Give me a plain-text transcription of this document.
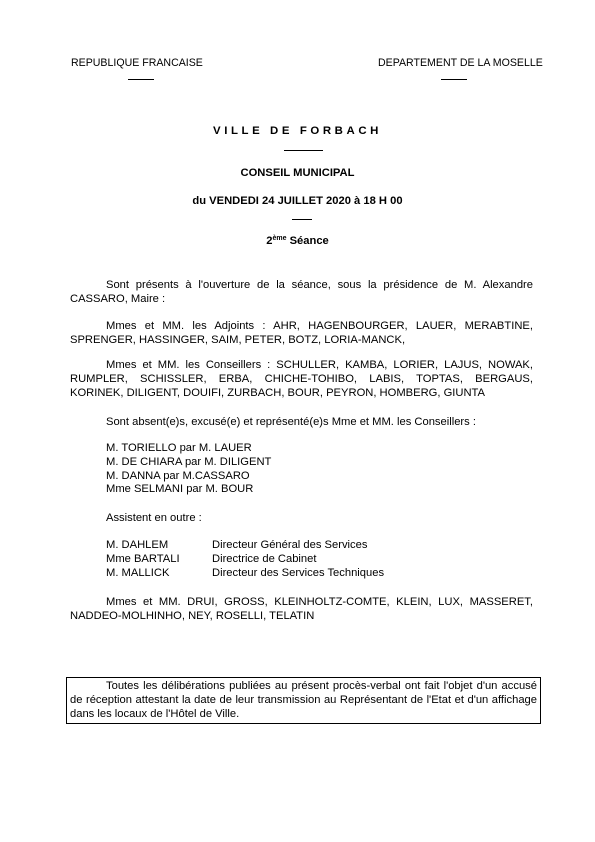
REPUBLIQUE FRANCAISE	DEPARTEMENT DE LA MOSELLE
VILLE DE FORBACH
CONSEIL MUNICIPAL
du VENDEDI 24 JUILLET 2020 à 18 H 00
2ème Séance
Sont présents à l'ouverture de la séance, sous la présidence de M. Alexandre CASSARO, Maire :
Mmes et MM. les Adjoints : AHR, HAGENBOURGER, LAUER, MERABTINE, SPRENGER, HASSINGER, SAIM, PETER, BOTZ, LORIA-MANCK,
Mmes et MM. les Conseillers : SCHULLER, KAMBA, LORIER, LAJUS, NOWAK, RUMPLER, SCHISSLER, ERBA, CHICHE-TOHIBO, LABIS, TOPTAS, BERGAUS, KORINEK, DILIGENT, DOUIFI, ZURBACH, BOUR, PEYRON, HOMBERG, GIUNTA
Sont absent(e)s, excusé(e) et représenté(e)s Mme et MM. les Conseillers :
M. TORIELLO par M. LAUER
M. DE CHIARA par M. DILIGENT
M. DANNA par M.CASSARO
Mme SELMANI par M. BOUR
Assistent en outre :
M. DAHLEM	Directeur Général des Services
Mme BARTALI	Directrice de Cabinet
M. MALLICK	Directeur des Services Techniques
Mmes et MM. DRUI, GROSS, KLEINHOLTZ-COMTE, KLEIN, LUX, MASSERET, NADDEO-MOLHINHO, NEY, ROSELLI, TELATIN
Toutes les délibérations publiées au présent procès-verbal ont fait l'objet d'un accusé de réception attestant la date de leur transmission au Représentant de l'Etat et d'un affichage dans les locaux de l'Hôtel de Ville.
